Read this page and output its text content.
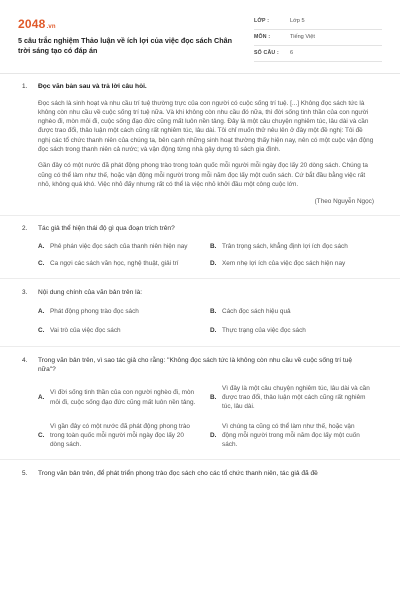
2048.vn
5 câu trắc nghiệm Thảo luận về ích lợi của việc đọc sách Chân trời sáng tạo có đáp án
LỚP :	Lớp 5
MÔN :	Tiếng Việt
SỐ CÂU :	6
1. Đọc văn bản sau và trả lời câu hỏi.

Đọc sách là sinh hoạt và nhu cầu trí tuệ thường trực của con người có cuộc sống trí tuệ. [...] Không đọc sách tức là không còn nhu cầu về cuộc sống trí tuệ nữa. Và khi không còn nhu cầu đó nữa, thì đời sống tinh thần của con người nghèo đi, mòn mỏi đi, cuộc sống đạo đức cũng mất luôn nền tảng. Đây là một câu chuyện nghiêm túc, lâu dài và cần được trao đổi, thảo luận một cách cũng rất nghiêm túc, lâu dài. Tôi chỉ muốn thử nêu lên ở đây một đề nghị: Tôi đề nghị các tổ chức thanh niên của chúng ta, bên cạnh những sinh hoạt thường thấy hiện nay, nên có một cuộc vận động đọc sách trong thanh niên cả nước; và vận động từng nhà gây dựng tủ sách gia đình.

Gần đây có một nước đã phát động phong trào trong toàn quốc mỗi người mỗi ngày đọc lấy 20 dòng sách. Chúng ta cũng có thể làm như thế, hoặc vận động mỗi người trong mỗi năm đọc lấy một cuốn sách. Cứ bắt đầu bằng việc rất nhỏ, không quá khó. Việc nhỏ đấy nhưng rất có thể là việc nhỏ khởi đầu một công cuộc lớn.

(Theo Nguyễn Ngọc)
2. Tác giả thể hiện thái độ gì qua đoạn trích trên?
A. Phê phán việc đọc sách của thanh niên hiện nay	B. Trân trọng sách, khẳng định lợi ích đọc sách
C. Ca ngợi các sách văn học, nghệ thuật, giải trí	D. Xem nhẹ lợi ích của việc đọc sách hiện nay
3. Nội dung chính của văn bản trên là:
A. Phát động phong trào đọc sách	B. Cách đọc sách hiệu quả
C. Vai trò của việc đọc sách	D. Thực trạng của việc đọc sách
4. Trong văn bản trên, vì sao tác giả cho rằng: "Không đọc sách tức là không còn nhu cầu về cuộc sống trí tuệ nữa"?
A.
Vì đời sống tinh thần của con người nghèo đi, mòn mỏi đi, cuộc sống đạo đức cũng mất luôn nền tảng.
B.
Vì đây là một câu chuyện nghiêm túc, lâu dài và cần được trao đổi, thảo luận một cách cũng rất nghiêm túc, lâu dài.
C.
Vì gần đây có một nước đã phát động phong trào trong toàn quốc mỗi người mỗi ngày đọc lấy 20 dòng sách.
D.
Vì chúng ta cũng có thể làm như thế, hoặc vận động mỗi người trong mỗi năm đọc lấy một cuốn sách.
5. Trong văn bản trên, để phát triển phong trào đọc sách cho các tổ chức thanh niên, tác giả đã đề
